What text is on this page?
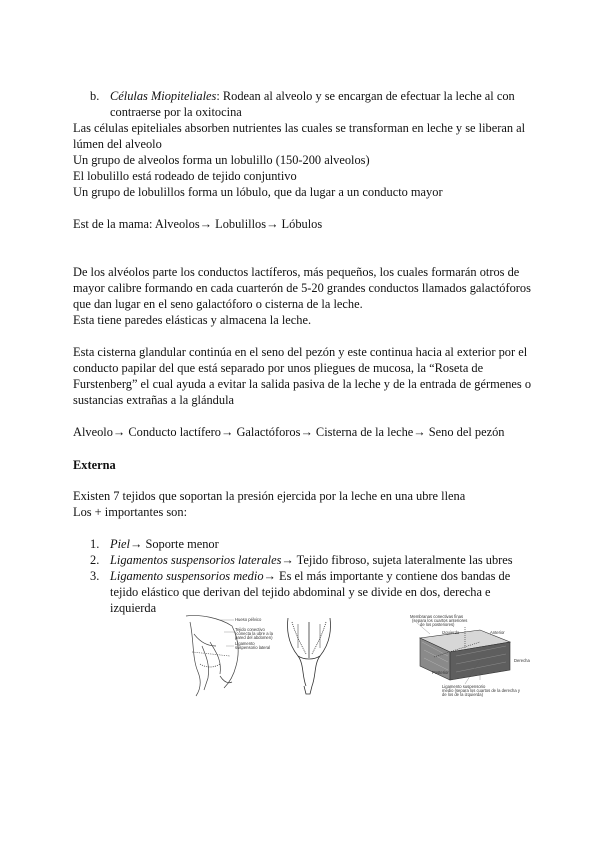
b. Células Miopiteliales: Rodean al alveolo y se encargan de efectuar la leche al con
contraerse por la oxitocina
Las células epiteliales absorben nutrientes las cuales se transforman en leche y se liberan al
lúmen del alveolo
Un grupo de alveolos forma un lobulillo (150-200 alveolos)
El lobulillo está rodeado de tejido conjuntivo
Un grupo de lobulillos forma un lóbulo, que da lugar a un conducto mayor
Est de la mama: Alveolos→ Lobulillos→ Lóbulos
De los alvéolos parte los conductos lactíferos, más pequeños, los cuales formarán otros de
mayor calibre formando en cada cuarterón de 5-20 grandes conductos llamados galactóforos
que dan lugar en el seno galactóforo o cisterna de la leche.
Esta tiene paredes elásticas y almacena la leche.
Esta cisterna glandular continúa en el seno del pezón y este continua hacia al exterior por el
conducto papilar del que está separado por unos pliegues de mucosa, la “Roseta de
Furstenberg” el cual ayuda a evitar la salida pasiva de la leche y de la entrada de gérmenes o
sustancias extrañas a la glándula
Alveolo→ Conducto lactífero→ Galactóforos→ Cisterna de la leche→ Seno del pezón
Externa
Existen 7 tejidos que soportan la presión ejercida por la leche en una ubre llena
Los + importantes son:
1. Piel→ Soporte menor
2. Ligamentos suspensorios laterales→ Tejido fibroso, sujeta lateralmente las ubres
3. Ligamento suspensorios medio→ Es el más importante y contiene dos bandas de
tejido elástico que derivan del tejido abdominal y se divide en dos, derecha e
izquierda
Hueso pélvico
Tejido conectivo
(conecta la ubre a la
pared del abdomen)
Ligamento
suspensorio lateral
Membranas conectivas finas
(separa los cuartos anteriores
de los posteriores)
Izquierda	Anterior
Posterior
Derecha
Ligamento suspensorio
medio (separa los cuartos de la derecha y
de los de la izquierda)
